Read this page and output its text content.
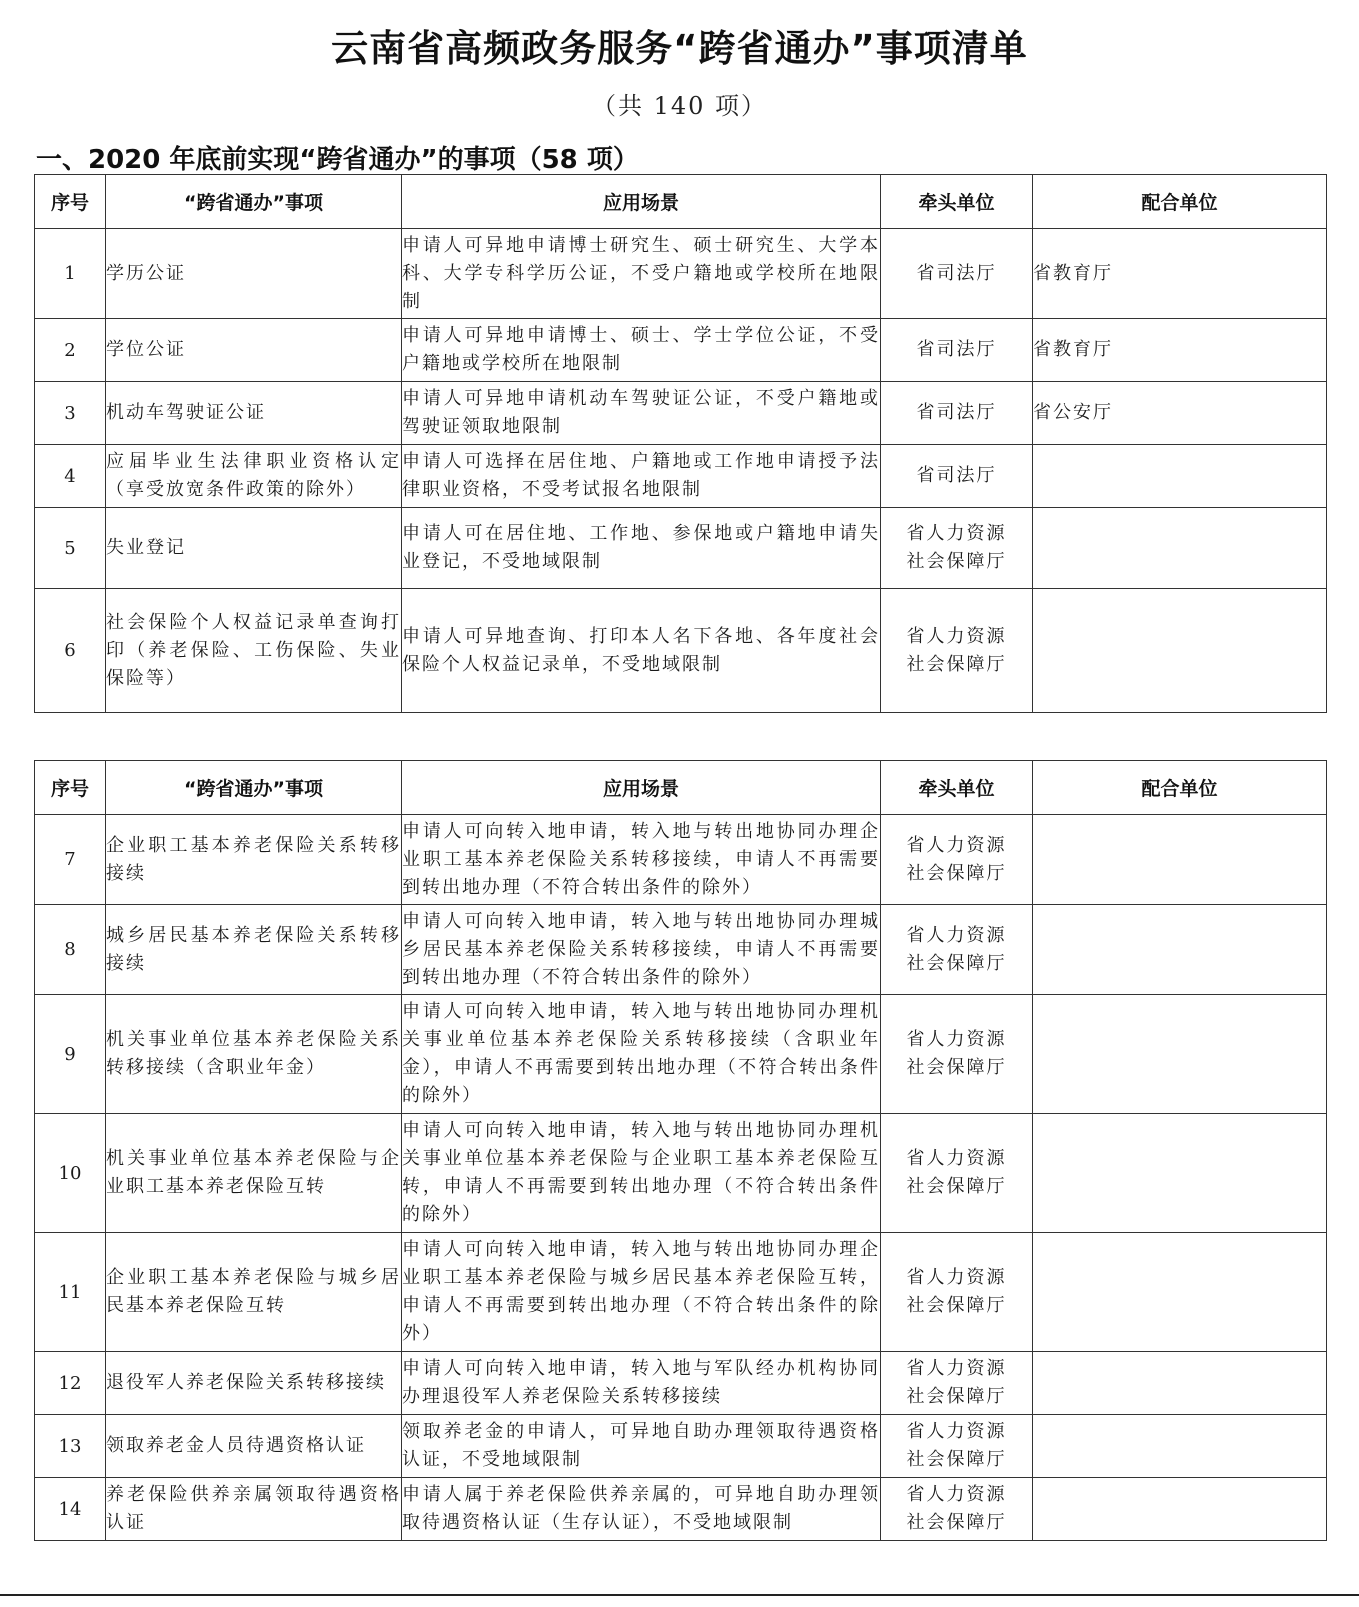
云南省高频政务服务“跨省通办”事项清单
（共 140 项）
一、2020 年底前实现“跨省通办”的事项（58 项）
序号	“跨省通办”事项	应用场景	牵头单位	配合单位
1	学历公证	申请人可异地申请博士研究生、硕士研究生、大学本科、大学专科学历公证，不受户籍地或学校所在地限制	省司法厅	省教育厅
2	学位公证	申请人可异地申请博士、硕士、学士学位公证，不受户籍地或学校所在地限制	省司法厅	省教育厅
3	机动车驾驶证公证	申请人可异地申请机动车驾驶证公证，不受户籍地或驾驶证领取地限制	省司法厅	省公安厅
4	应届毕业生法律职业资格认定（享受放宽条件政策的除外）	申请人可选择在居住地、户籍地或工作地申请授予法律职业资格，不受考试报名地限制	省司法厅	
5	失业登记	申请人可在居住地、工作地、参保地或户籍地申请失业登记，不受地域限制	省人力资源
社会保障厅	
6	社会保险个人权益记录单查询打印（养老保险、工伤保险、失业保险等）	申请人可异地查询、打印本人名下各地、各年度社会保险个人权益记录单，不受地域限制	省人力资源
社会保障厅	
序号	“跨省通办”事项	应用场景	牵头单位	配合单位
7	企业职工基本养老保险关系转移接续	申请人可向转入地申请，转入地与转出地协同办理企业职工基本养老保险关系转移接续，申请人不再需要到转出地办理（不符合转出条件的除外）	省人力资源
社会保障厅	
8	城乡居民基本养老保险关系转移接续	申请人可向转入地申请，转入地与转出地协同办理城乡居民基本养老保险关系转移接续，申请人不再需要到转出地办理（不符合转出条件的除外）	省人力资源
社会保障厅	
9	机关事业单位基本养老保险关系转移接续（含职业年金）	申请人可向转入地申请，转入地与转出地协同办理机关事业单位基本养老保险关系转移接续（含职业年金），申请人不再需要到转出地办理（不符合转出条件的除外）	省人力资源
社会保障厅	
10	机关事业单位基本养老保险与企业职工基本养老保险互转	申请人可向转入地申请，转入地与转出地协同办理机关事业单位基本养老保险与企业职工基本养老保险互转，申请人不再需要到转出地办理（不符合转出条件的除外）	省人力资源
社会保障厅	
11	企业职工基本养老保险与城乡居民基本养老保险互转	申请人可向转入地申请，转入地与转出地协同办理企业职工基本养老保险与城乡居民基本养老保险互转，申请人不再需要到转出地办理（不符合转出条件的除外）	省人力资源
社会保障厅	
12	退役军人养老保险关系转移接续	申请人可向转入地申请，转入地与军队经办机构协同办理退役军人养老保险关系转移接续	省人力资源
社会保障厅	
13	领取养老金人员待遇资格认证	领取养老金的申请人，可异地自助办理领取待遇资格认证，不受地域限制	省人力资源
社会保障厅	
14	养老保险供养亲属领取待遇资格认证	申请人属于养老保险供养亲属的，可异地自助办理领取待遇资格认证（生存认证），不受地域限制	省人力资源
社会保障厅	
